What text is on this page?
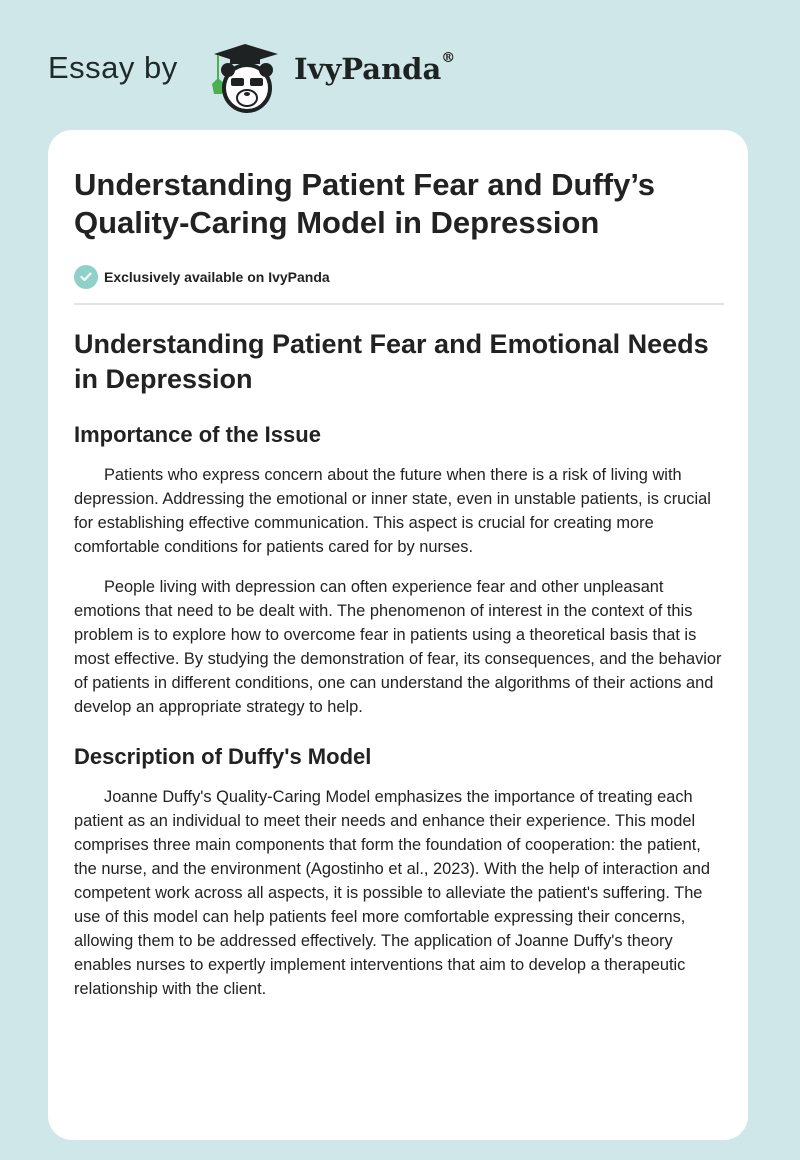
Essay by	IvyPanda®
Understanding Patient Fear and Duffy’s Quality-Caring Model in Depression
Exclusively available on IvyPanda
Understanding Patient Fear and Emotional Needs in Depression
Importance of the Issue

Patients who express concern about the future when there is a risk of living with depression. Addressing the emotional or inner state, even in unstable patients, is crucial for establishing effective communication. This aspect is crucial for creating more comfortable conditions for patients cared for by nurses.

People living with depression can often experience fear and other unpleasant emotions that need to be dealt with. The phenomenon of interest in the context of this problem is to explore how to overcome fear in patients using a theoretical basis that is most effective. By studying the demonstration of fear, its consequences, and the behavior of patients in different conditions, one can understand the algorithms of their actions and develop an appropriate strategy to help.

Description of Duffy's Model

Joanne Duffy's Quality-Caring Model emphasizes the importance of treating each patient as an individual to meet their needs and enhance their experience. This model comprises three main components that form the foundation of cooperation: the patient, the nurse, and the environment (Agostinho et al., 2023). With the help of interaction and competent work across all aspects, it is possible to alleviate the patient's suffering. The use of this model can help patients feel more comfortable expressing their concerns, allowing them to be addressed effectively. The application of Joanne Duffy's theory enables nurses to expertly implement interventions that aim to develop a therapeutic relationship with the client.
